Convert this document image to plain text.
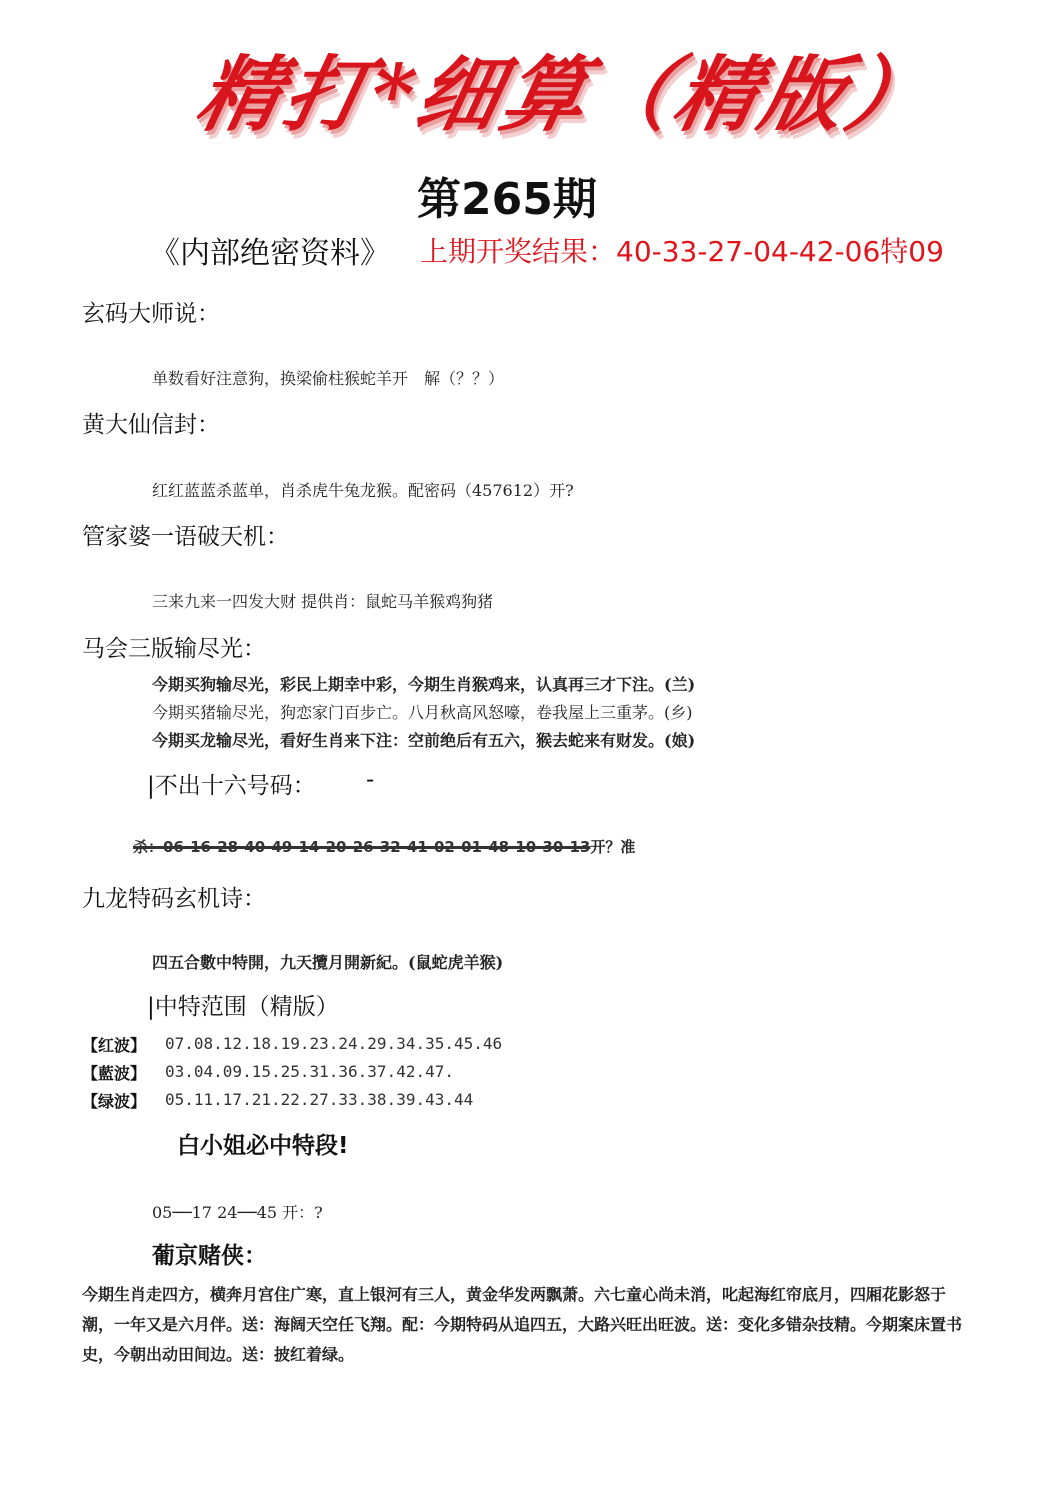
精打*细算（精版）
第265期
《内部绝密资料》 上期开奖结果：40-33-27-04-42-06特09
玄码大师说：
单数看好注意狗，换梁偷柱猴蛇羊开　解（？？）
黄大仙信封：
红红蓝蓝杀蓝单，肖杀虎牛兔龙猴。配密码（457612）开?
管家婆一语破天机：
三来九来一四发大财 提供肖：鼠蛇马羊猴鸡狗猪
马会三版输尽光：
今期买狗输尽光，彩民上期幸中彩，今期生肖猴鸡来，认真再三才下注。(兰)
今期买猪输尽光，狗恋家门百步亡。八月秋高风怒嚎，卷我屋上三重茅。(乡)
今期买龙输尽光，看好生肖来下注：空前绝后有五六，猴去蛇来有财发。(娘)
|不出十六号码： -
杀：06-16-28-40-49-14-20-26-32-41-02-01-48-10-30-13开？准
九龙特码玄机诗：
四五合數中特開，九天攬月開新紀。(鼠蛇虎羊猴)
|中特范围（精版）
【红波】 07.08.12.18.19.23.24.29.34.35.45.46
【藍波】 03.04.09.15.25.31.36.37.42.47.
【绿波】 05.11.17.21.22.27.33.38.39.43.44
白小姐必中特段!
05──17 24──45 开：?
葡京赌侠：
今期生肖走四方，横奔月宫住广寒，直上银河有三人，黄金华发两飘萧。六七童心尚未消，叱起海红帘底月，四厢花影怒于潮，一年又是六月伴。送：海阔天空任飞翔。配：今期特码从追四五，大路兴旺出旺波。送：变化多错杂技精。今期案床置书史，今朝出动田间边。送：披红着绿。
